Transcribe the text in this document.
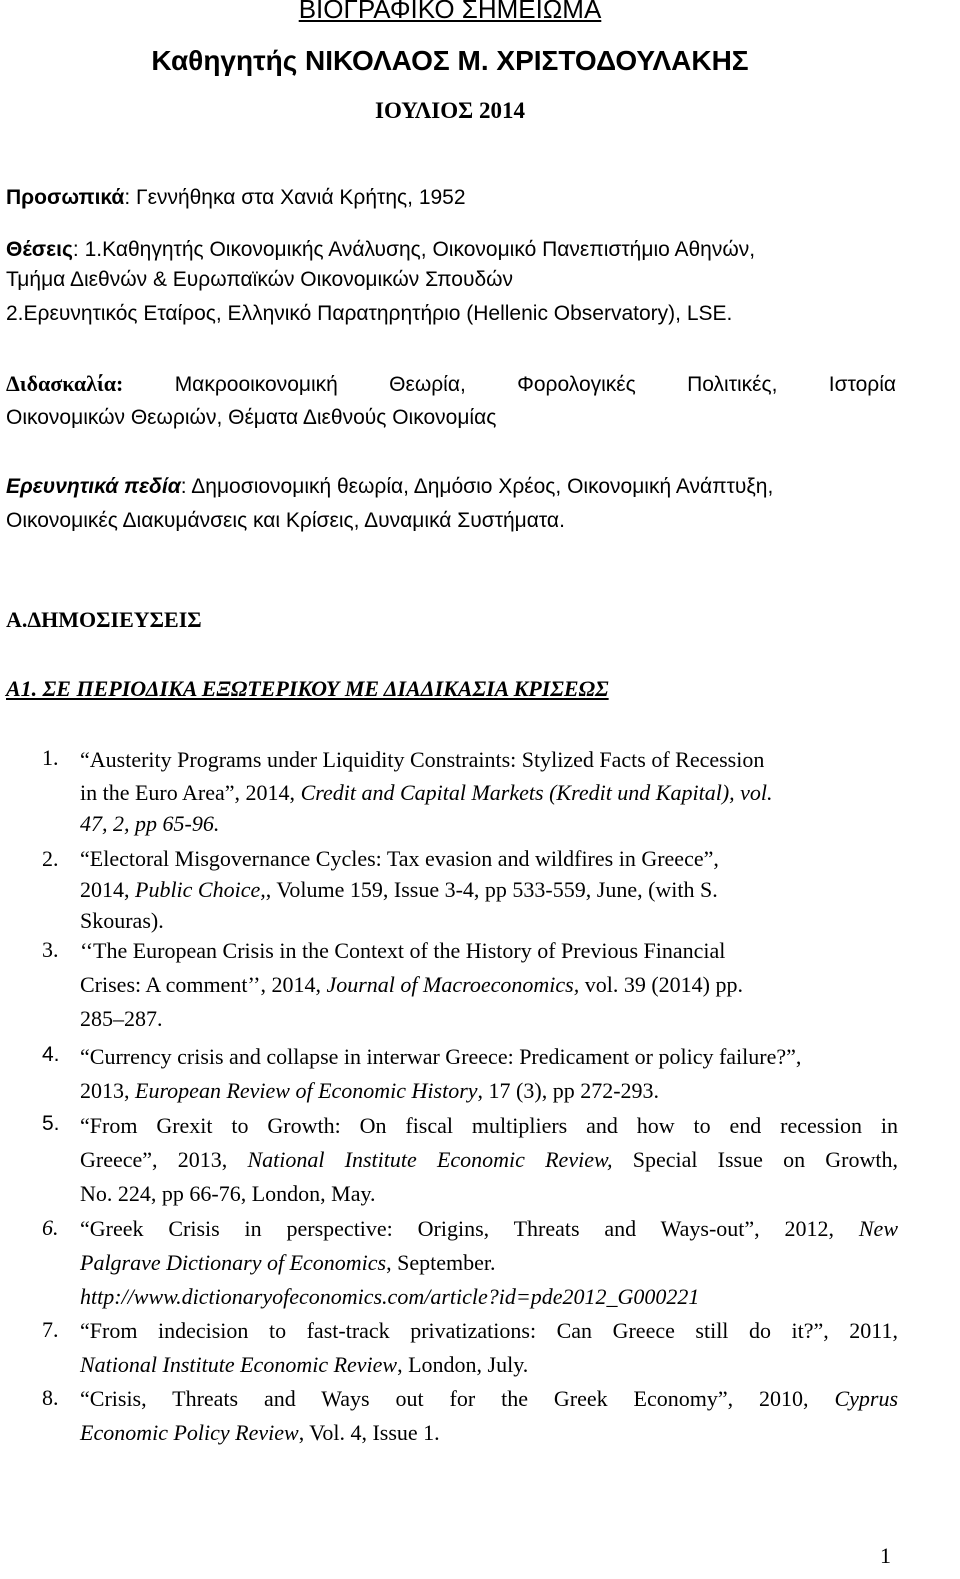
ΒΙΟΓΡΑΦΙΚΟ ΣΗΜΕΙΩΜΑ
Καθηγητής ΝΙΚΟΛΑΟΣ Μ. ΧΡΙΣΤΟΔΟΥΛΑΚΗΣ
ΙΟΥΛΙΟΣ 2014
Προσωπικά: Γεννήθηκα στα Χανιά Κρήτης, 1952
Θέσεις: 1.Καθηγητής Οικονομικής Ανάλυσης, Οικονομικό Πανεπιστήμιο Αθηνών,
Τμήμα Διεθνών & Ευρωπαϊκών Οικονομικών Σπουδών
2.Ερευνητικός Εταίρος, Ελληνικό Παρατηρητήριο (Hellenic Observatory), LSE.
Διδασκαλία: Μακροοικονομική Θεωρία, Φορολογικές Πολιτικές, Ιστορία
Οικονομικών Θεωριών, Θέματα Διεθνούς Οικονομίας
Ερευνητικά πεδία: Δημοσιονομική θεωρία, Δημόσιο Χρέος, Οικονομική Ανάπτυξη,
Οικονομικές Διακυμάνσεις και Κρίσεις, Δυναμικά Συστήματα.
Α.ΔΗΜΟΣΙΕΥΣΕΙΣ
Α1. ΣΕ ΠΕΡΙΟΔΙΚΑ ΕΞΩΤΕΡΙΚΟΥ ΜΕ ΔΙΑΔΙΚΑΣΙΑ ΚΡΙΣΕΩΣ
1. “Austerity Programs under Liquidity Constraints: Stylized Facts of Recession
in the Euro Area”, 2014, Credit and Capital Markets (Kredit und Kapital), vol.
47, 2, pp 65-96.
2. “Electoral Misgovernance Cycles: Tax evasion and wildfires in Greece”,
2014, Public Choice,, Volume 159, Issue 3-4, pp 533-559, June, (with S.
Skouras).
3. ‘‘The European Crisis in the Context of the History of Previous Financial
Crises: A comment’’, 2014, Journal of Macroeconomics, vol. 39 (2014) pp.
285–287.
4. “Currency crisis and collapse in interwar Greece: Predicament or policy failure?”,
2013, European Review of Economic History, 17 (3), pp 272-293.
5. “From Grexit to Growth: On fiscal multipliers and how to end recession in
Greece”, 2013, National Institute Economic Review, Special Issue on Growth,
No. 224, pp 66-76, London, May.
6. “Greek Crisis in perspective: Origins, Threats and Ways-out”, 2012, New
Palgrave Dictionary of Economics, September.
http://www.dictionaryofeconomics.com/article?id=pde2012_G000221
7. “From indecision to fast-track privatizations: Can Greece still do it?”, 2011,
National Institute Economic Review, London, July.
8. “Crisis, Threats and Ways out for the Greek Economy”, 2010, Cyprus
Economic Policy Review, Vol. 4, Issue 1.
1
